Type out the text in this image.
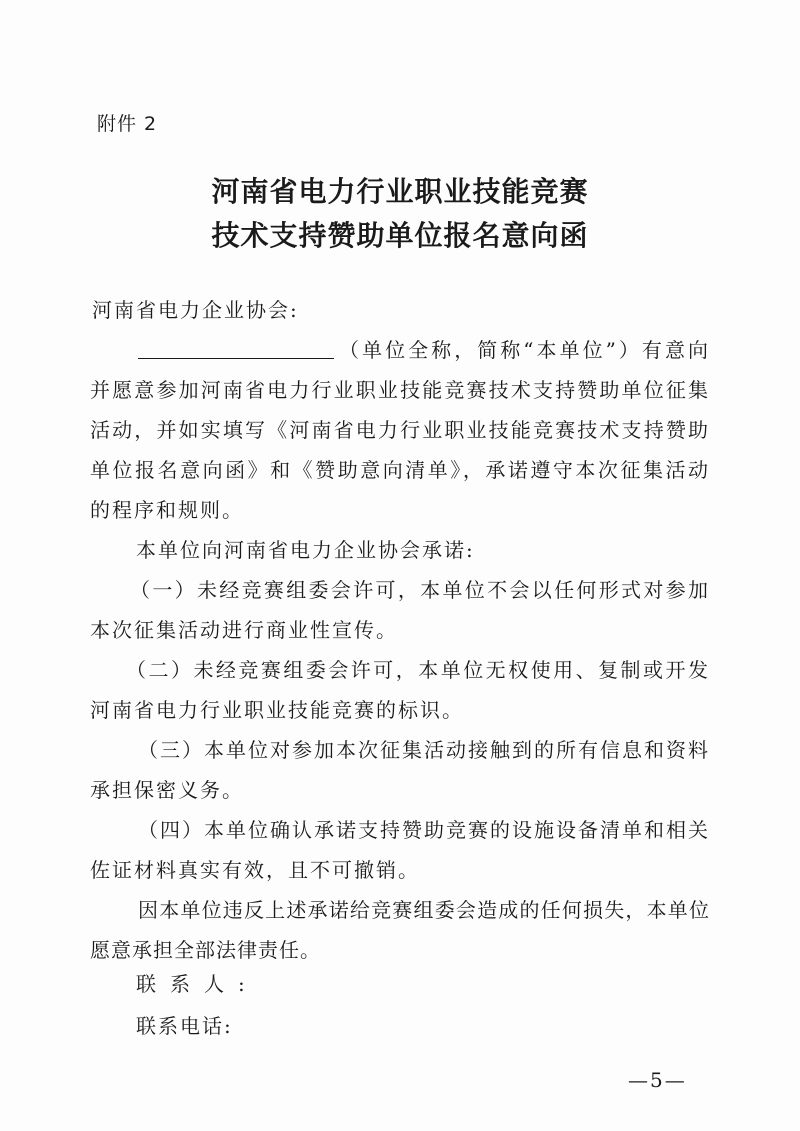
附件 2
河南省电力行业职业技能竞赛
技术支持赞助单位报名意向函
河南省电力企业协会:
（单位全称，简称“本单位”）有意向并愿意参加河南省电力行业职业技能竞赛技术支持赞助单位征集活动，并如实填写《河南省电力行业职业技能竞赛技术支持赞助单位报名意向函》和《赞助意向清单》，承诺遵守本次征集活动的程序和规则。
本单位向河南省电力企业协会承诺:
（一）未经竞赛组委会许可，本单位不会以任何形式对参加本次征集活动进行商业性宣传。
（二）未经竞赛组委会许可，本单位无权使用、复制或开发河南省电力行业职业技能竞赛的标识。
（三）本单位对参加本次征集活动接触到的所有信息和资料承担保密义务。
（四）本单位确认承诺支持赞助竞赛的设施设备清单和相关佐证材料真实有效，且不可撤销。
因本单位违反上述承诺给竞赛组委会造成的任何损失，本单位愿意承担全部法律责任。
联系人:
联系电话:
—5—
